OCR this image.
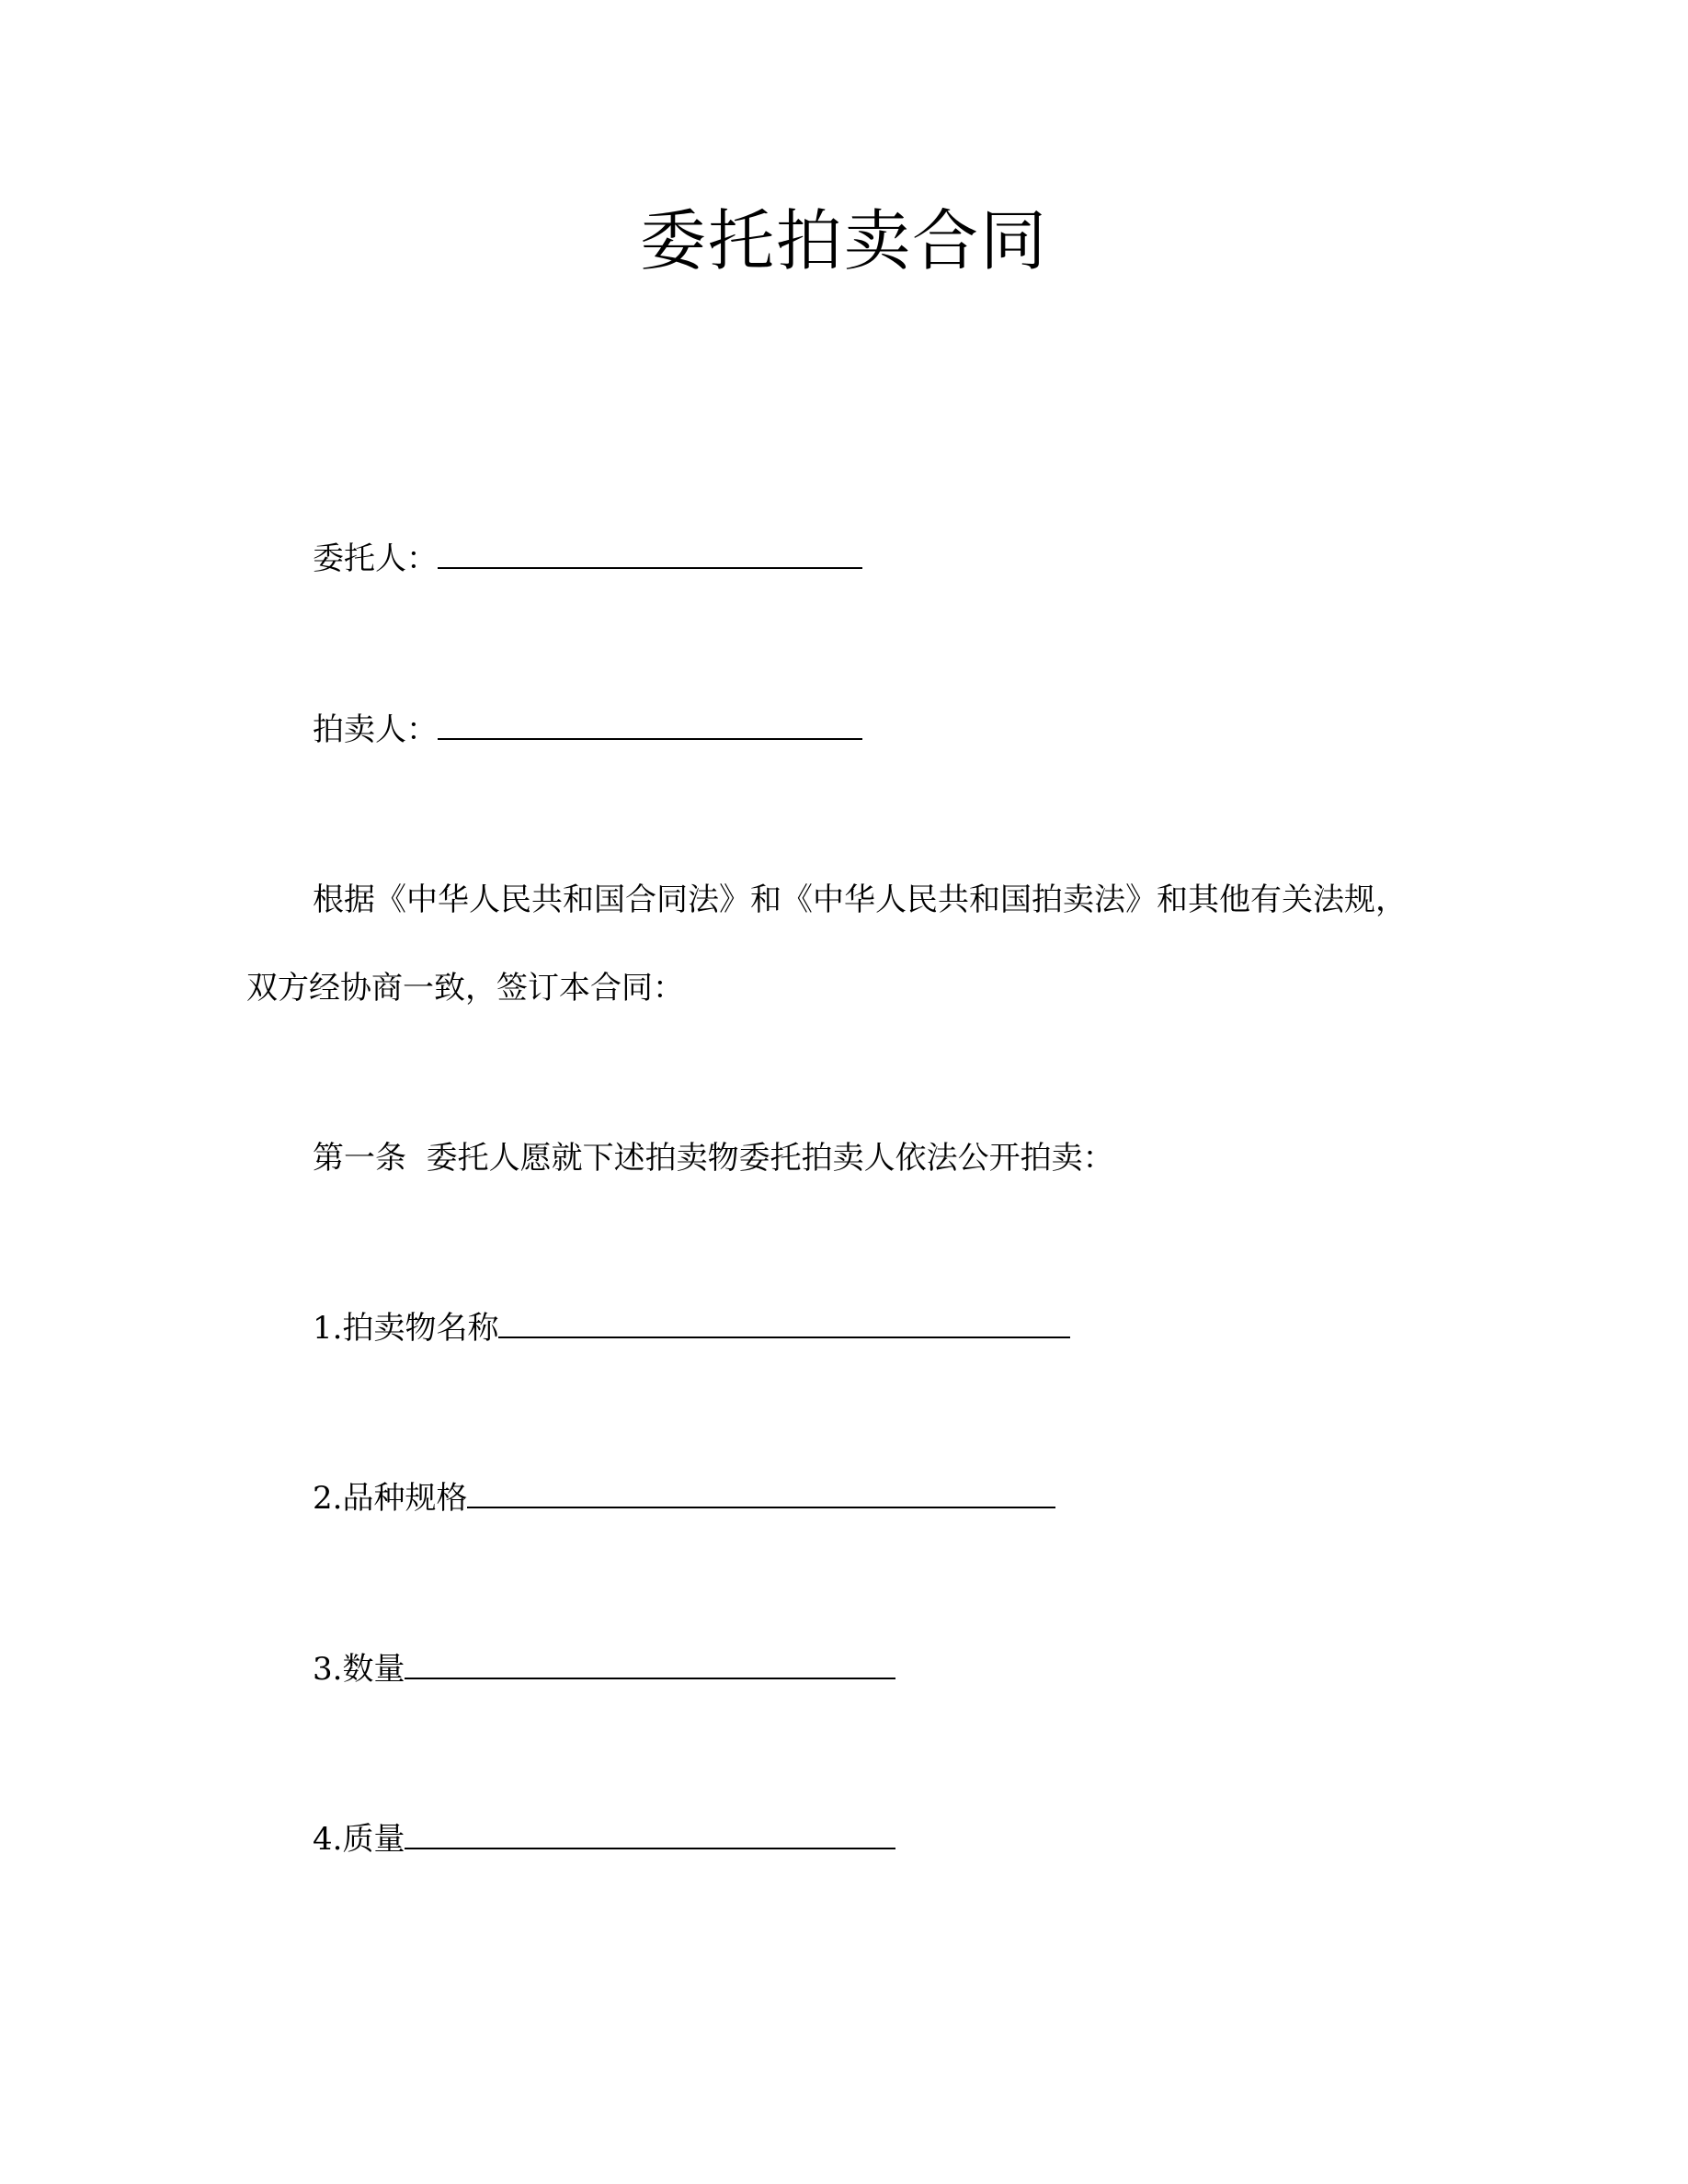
委托拍卖合同
委托人：
拍卖人：
根据《中华人民共和国合同法》和《中华人民共和国拍卖法》和其他有关法规，
双方经协商一致，签订本合同：
第一条  委托人愿就下述拍卖物委托拍卖人依法公开拍卖：
1.拍卖物名称
2.品种规格
3.数量
4.质量
